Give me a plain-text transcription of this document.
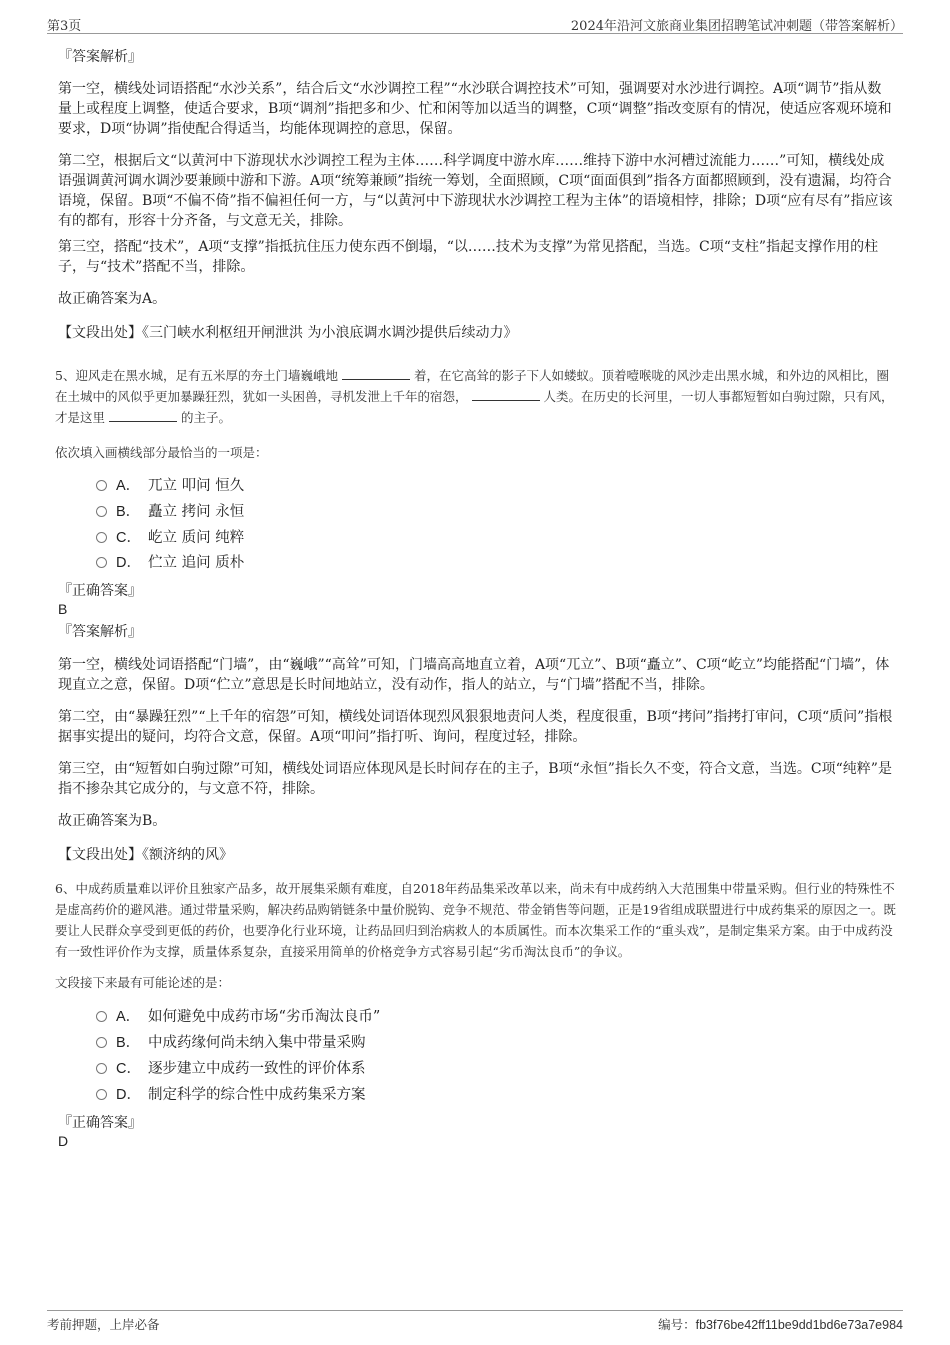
第3页	2024年沿河文旅商业集团招聘笔试冲刺题（带答案解析）
『答案解析』
第一空，横线处词语搭配“水沙关系”，结合后文“水沙调控工程”“水沙联合调控技术”可知，强调要对水沙进行调控。A项“调节”指从数量上或程度上调整，使适合要求，B项“调剂”指把多和少、忙和闲等加以适当的调整，C项“调整”指改变原有的情况，使适应客观环境和要求，D项“协调”指使配合得适当，均能体现调控的意思，保留。
第二空，根据后文“以黄河中下游现状水沙调控工程为主体……科学调度中游水库……维持下游中水河槽过流能力……”可知，横线处成语强调黄河调水调沙要兼顾中游和下游。A项“统筹兼顾”指统一筹划，全面照顾，C项“面面俱到”指各方面都照顾到，没有遗漏，均符合语境，保留。B项“不偏不倚”指不偏袒任何一方，与“以黄河中下游现状水沙调控工程为主体”的语境相悖，排除；D项“应有尽有”指应该有的都有，形容十分齐备，与文意无关，排除。
第三空，搭配“技术”，A项“支撑”指抵抗住压力使东西不倒塌，“以……技术为支撑”为常见搭配，当选。C项“支柱”指起支撑作用的柱子，与“技术”搭配不当，排除。
故正确答案为A。
【文段出处】《三门峡水利枢纽开闸泄洪 为小浪底调水调沙提供后续动力》
5、迎风走在黑水城，足有五米厚的夯土门墙巍峨地	着，在它高耸的影子下人如蝼蚁。顶着噎喉咙的风沙走出黑水城，和外边的风相比，圈在土城中的风似乎更加暴躁狂烈，犹如一头困兽，寻机发泄上千年的宿怨，	人类。在历史的长河里，一切人事都短暂如白驹过隙，只有风，才是这里	的主子。
依次填入画横线部分最恰当的一项是：
A． 兀立 叩问 恒久
B． 矗立 拷问 永恒
C． 屹立 质问 纯粹
D． 伫立 追问 质朴
『正确答案』
B
『答案解析』
第一空，横线处词语搭配“门墙”，由“巍峨”“高耸”可知，门墙高高地直立着，A项“兀立”、B项“矗立”、C项“屹立”均能搭配“门墙”，体现直立之意，保留。D项“伫立”意思是长时间地站立，没有动作，指人的站立，与“门墙”搭配不当，排除。
第二空，由“暴躁狂烈”“上千年的宿怨”可知，横线处词语体现烈风狠狠地责问人类，程度很重，B项“拷问”指拷打审问，C项“质问”指根据事实提出的疑问，均符合文意，保留。A项“叩问”指打听、询问，程度过轻，排除。
第三空，由“短暂如白驹过隙”可知，横线处词语应体现风是长时间存在的主子，B项“永恒”指长久不变，符合文意，当选。C项“纯粹”是指不掺杂其它成分的，与文意不符，排除。
故正确答案为B。
【文段出处】《额济纳的风》
6、中成药质量难以评价且独家产品多，故开展集采颇有难度，自2018年药品集采改革以来，尚未有中成药纳入大范围集中带量采购。但行业的特殊性不是虚高药价的避风港。通过带量采购，解决药品购销链条中量价脱钩、竞争不规范、带金销售等问题，正是19省组成联盟进行中成药集采的原因之一。既要让人民群众享受到更低的药价，也要净化行业环境，让药品回归到治病救人的本质属性。而本次集采工作的“重头戏”，是制定集采方案。由于中成药没有一致性评价作为支撑，质量体系复杂，直接采用简单的价格竞争方式容易引起“劣币淘汰良币”的争议。
文段接下来最有可能论述的是：
A． 如何避免中成药市场“劣币淘汰良币”
B． 中成药缘何尚未纳入集中带量采购
C． 逐步建立中成药一致性的评价体系
D． 制定科学的综合性中成药集采方案
『正确答案』
D
考前押题，上岸必备	编号：fb3f76be42ff11be9dd1bd6e73a7e984
